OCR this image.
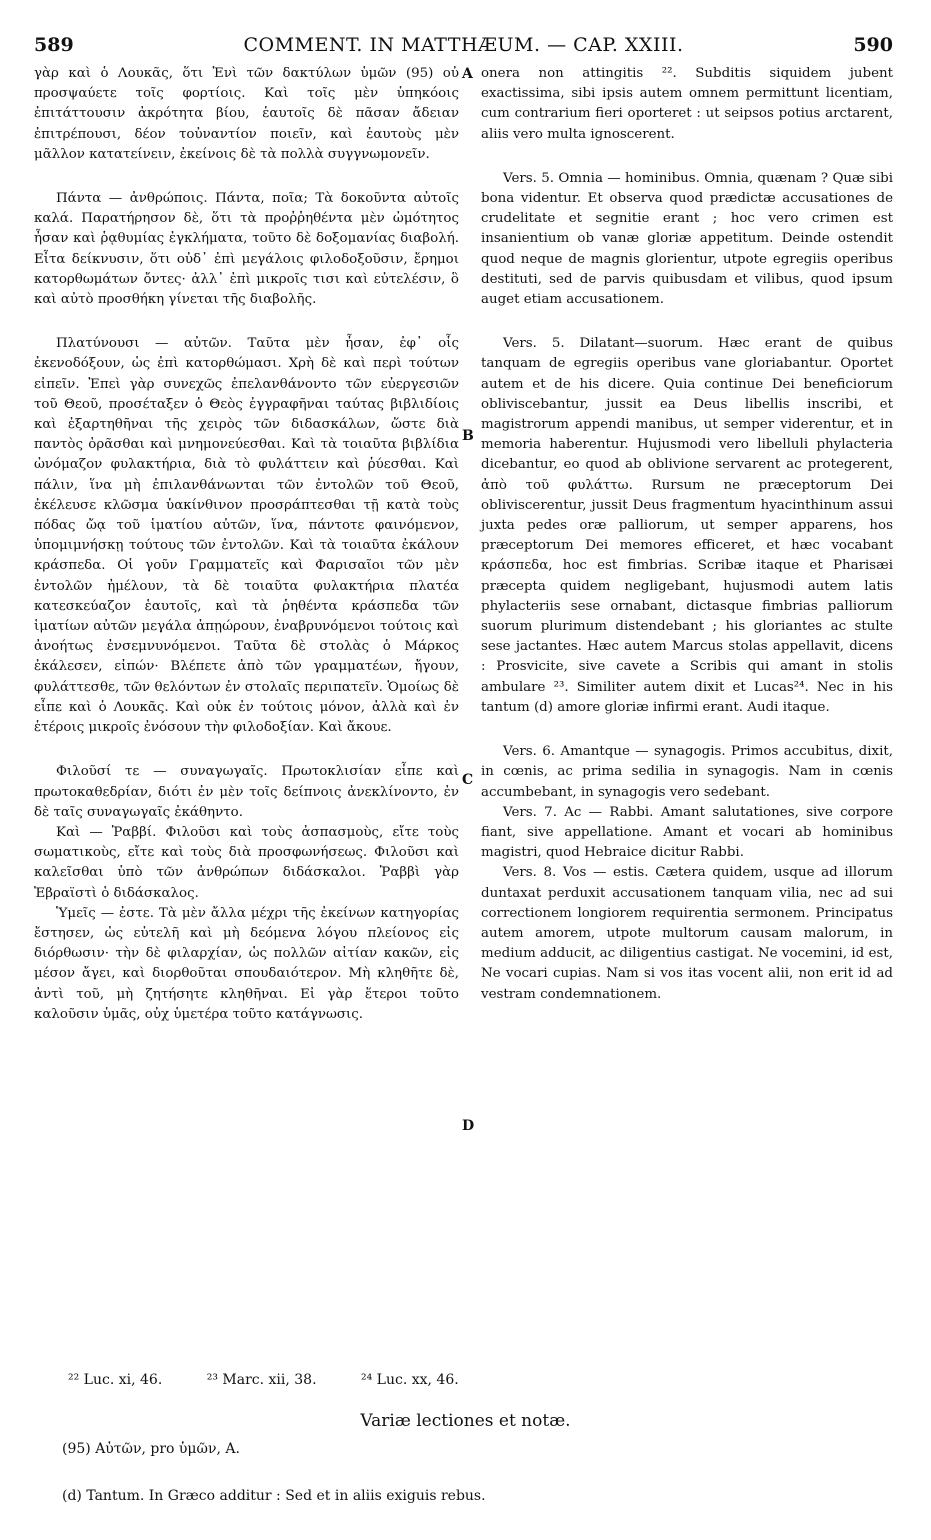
589	COMMENT. IN MATTHÆUM. — CAP. XXIII.	590

γὰρ καὶ ὁ Λουκᾶς, ὅτι Ἑνὶ τῶν δακτύλων ὑμῶν (95) οὐ προσψαύετε τοῖς φορτίοις. Καὶ τοῖς μὲν ὑπηκόοις ἐπιτάττουσιν ἀκρότητα βίου, ἑαυτοῖς δὲ πᾶσαν ἄδειαν ἐπιτρέπουσι, δέον τοὐναντίον ποιεῖν, καὶ ἑαυτοὺς μὲν μᾶλλον κατατείνειν, ἐκείνοις δὲ τὰ πολλὰ συγγνωμονεῖν.

Πάντα — ἀνθρώποις. Πάντα, ποῖα; Τὰ δοκοῦντα αὐτοῖς καλά. Παρατήρησον δὲ, ὅτι τὰ προῤῥηθέντα μὲν ὠμότητος ἦσαν καὶ ῥᾳθυμίας ἐγκλήματα, τοῦτο δὲ δοξομανίας διαβολή. Εἶτα δείκνυσιν, ὅτι οὐδ᾽ ἐπὶ μεγάλοις φιλοδοξοῦσιν, ἔρημοι κατορθωμάτων ὄντες· ἀλλ᾽ ἐπὶ μικροῖς τισι καὶ εὐτελέσιν, ὃ καὶ αὐτὸ προσθήκη γίνεται τῆς διαβολῆς.

Πλατύνουσι — αὐτῶν. Ταῦτα μὲν ἦσαν, ἐφ᾽ οἷς ἐκενοδόξουν, ὡς ἐπὶ κατορθώμασι. Χρὴ δὲ καὶ περὶ τούτων εἰπεῖν. Ἐπεὶ γὰρ συνεχῶς ἐπελανθάνοντο τῶν εὐεργεσιῶν τοῦ Θεοῦ, προσέταξεν ὁ Θεὸς ἐγγραφῆναι ταύτας βιβλιδίοις καὶ ἐξαρτηθῆναι τῆς χειρὸς τῶν διδασκάλων, ὥστε διὰ παντὸς ὁρᾶσθαι καὶ μνημονεύεσθαι. Καὶ τὰ τοιαῦτα βιβλίδια ὠνόμαζον φυλακτήρια, διὰ τὸ φυλάττειν καὶ ῥύεσθαι. Καὶ πάλιν, ἵνα μὴ ἐπιλανθάνωνται τῶν ἐντολῶν τοῦ Θεοῦ, ἐκέλευσε κλῶσμα ὑακίνθινον προσράπτεσθαι τῇ κατὰ τοὺς πόδας ὤᾳ τοῦ ἱματίου αὐτῶν, ἵνα, πάντοτε φαινόμενον, ὑπομιμνήσκῃ τούτους τῶν ἐντολῶν. Καὶ τὰ τοιαῦτα ἐκάλουν κράσπεδα. Οἱ γοῦν Γραμματεῖς καὶ Φαρισαῖοι τῶν μὲν ἐντολῶν ἠμέλουν, τὰ δὲ τοιαῦτα φυλακτήρια πλατέα κατεσκεύαζον ἑαυτοῖς, καὶ τὰ ῥηθέντα κράσπεδα τῶν ἱματίων αὐτῶν μεγάλα ἀπῃώρουν, ἐναβρυνόμενοι τούτοις καὶ ἀνοήτως ἐνσεμνυνόμενοι. Ταῦτα δὲ στολὰς ὁ Μάρκος ἐκάλεσεν, εἰπών· Βλέπετε ἀπὸ τῶν γραμματέων, ἤγουν, φυλάττεσθε, τῶν θελόντων ἐν στολαῖς περιπατεῖν. Ὁμοίως δὲ εἶπε καὶ ὁ Λουκᾶς. Καὶ οὐκ ἐν τούτοις μόνον, ἀλλὰ καὶ ἐν ἑτέροις μικροῖς ἐνόσουν τὴν φιλοδοξίαν. Καὶ ἄκουε.

Φιλοῦσί τε — συναγωγαῖς. Πρωτοκλισίαν εἶπε καὶ πρωτοκαθεδρίαν, διότι ἐν μὲν τοῖς δείπνοις ἀνεκλίνοντο, ἐν δὲ ταῖς συναγωγαῖς ἐκάθηντο.

Καὶ — Ῥαββί. Φιλοῦσι καὶ τοὺς ἀσπασμοὺς, εἴτε τοὺς σωματικοὺς, εἴτε καὶ τοὺς διὰ προσφωνήσεως. Φιλοῦσι καὶ καλεῖσθαι ὑπὸ τῶν ἀνθρώπων διδάσκαλοι. Ῥαββὶ γὰρ Ἑβραϊστὶ ὁ διδάσκαλος.

Ὑμεῖς — ἐστε. Τὰ μὲν ἄλλα μέχρι τῆς ἐκείνων κατηγορίας ἔστησεν, ὡς εὐτελῆ καὶ μὴ δεόμενα λόγου πλείονος εἰς διόρθωσιν· τὴν δὲ φιλαρχίαν, ὡς πολλῶν αἰτίαν κακῶν, εἰς μέσον ἄγει, καὶ διορθοῦται σπουδαιότερον. Μὴ κληθῆτε δὲ, ἀντὶ τοῦ, μὴ ζητήσητε κληθῆναι. Εἰ γὰρ ἕτεροι τοῦτο καλοῦσιν ὑμᾶς, οὐχ ὑμετέρα τοῦτο κατάγνωσις.

onera non attingitis ²². Subditis siquidem jubent exactissima, sibi ipsis autem omnem permittunt licentiam, cum contrarium fieri oporteret : ut seipsos potius arctarent, aliis vero multa ignoscerent.

Vers. 5. Omnia — hominibus. Omnia, quænam ? Quæ sibi bona videntur. Et observa quod prædictæ accusationes de crudelitate et segnitie erant ; hoc vero crimen est insanientium ob vanæ gloriæ appetitum. Deinde ostendit quod neque de magnis glorientur, utpote egregiis operibus destituti, sed de parvis quibusdam et vilibus, quod ipsum auget etiam accusationem.

Vers. 5. Dilatant—suorum. Hæc erant de quibus tanquam de egregiis operibus vane gloriabantur. Oportet autem et de his dicere. Quia continue Dei beneficiorum obliviscebantur, jussit ea Deus libellis inscribi, et magistrorum appendi manibus, ut semper viderentur, et in memoria haberentur. Hujusmodi vero libelluli phylacteria dicebantur, eo quod ab oblivione servarent ac protegerent, ἀπὸ τοῦ φυλάττω. Rursum ne præceptorum Dei obliviscerentur, jussit Deus fragmentum hyacinthinum assui juxta pedes oræ palliorum, ut semper apparens, hos præceptorum Dei memores efficeret, et hæc vocabant κράσπεδα, hoc est fimbrias. Scribæ itaque et Pharisæi præcepta quidem negligebant, hujusmodi autem latis phylacteriis sese ornabant, dictasque fimbrias palliorum suorum plurimum distendebant ; his gloriantes ac stulte sese jactantes. Hæc autem Marcus stolas appellavit, dicens : Prosvicite, sive cavete a Scribis qui amant in stolis ambulare ²³. Similiter autem dixit et Lucas²⁴. Nec in his tantum (d) amore gloriæ infirmi erant. Audi itaque.

Vers. 6. Amantque — synagogis. Primos accubitus, dixit, in cœnis, ac prima sedilia in synagogis. Nam in cœnis accumbebant, in synagogis vero sedebant.

Vers. 7. Ac — Rabbi. Amant salutationes, sive corpore fiant, sive appellatione. Amant et vocari ab hominibus magistri, quod Hebraice dicitur Rabbi.

Vers. 8. Vos — estis. Cætera quidem, usque ad illorum duntaxat perduxit accusationem tanquam vilia, nec ad sui correctionem longiorem requirentia sermonem. Principatus autem amorem, utpote multorum causam malorum, in medium adducit, ac diligentius castigat. Ne vocemini, id est, Ne vocari cupias. Nam si vos itas vocent alii, non erit id ad vestram condemnationem.

A
B
C
D
²² Luc. xi, 46.	²³ Marc. xii, 38.	²⁴ Luc. xx, 46.
Variæ lectiones et notæ.
(95) Αὐτῶν, pro ὑμῶν, A.
(d) Tantum. In Græco additur : Sed et in aliis exiguis rebus.
